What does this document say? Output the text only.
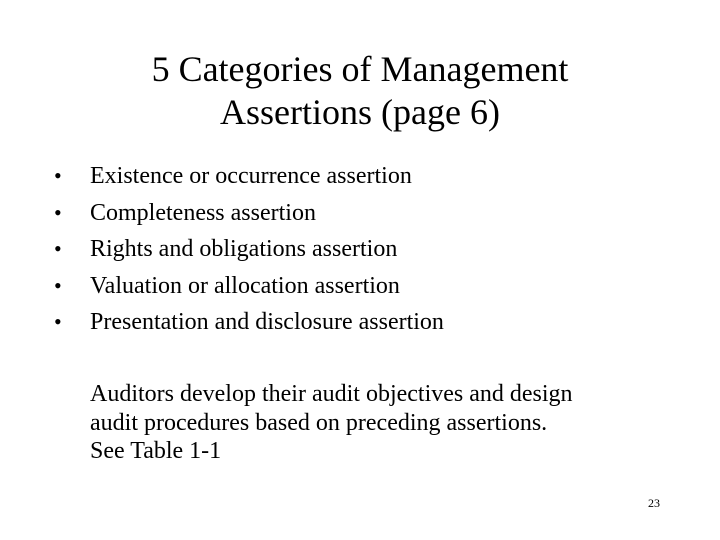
5 Categories of Management
Assertions (page 6)
• Existence or occurrence assertion
• Completeness assertion
• Rights and obligations assertion
• Valuation or allocation assertion
• Presentation and disclosure assertion

Auditors develop their audit objectives and design
audit procedures based on preceding assertions.
See Table 1-1

23
